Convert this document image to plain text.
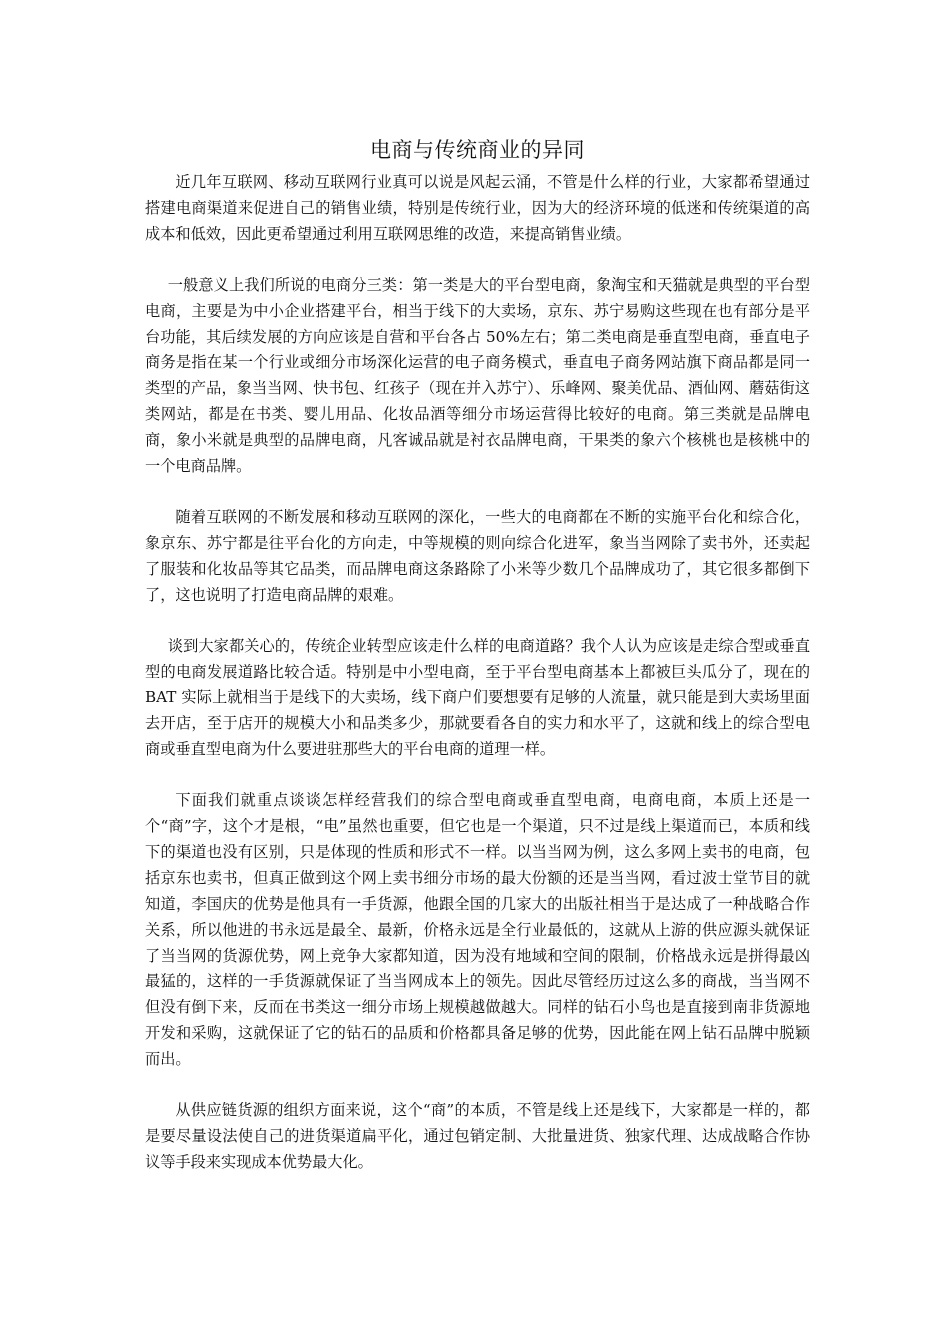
电商与传统商业的异同

近几年互联网、移动互联网行业真可以说是风起云涌，不管是什么样的行业，大家都希望通过搭建电商渠道来促进自己的销售业绩，特别是传统行业，因为大的经济环境的低迷和传统渠道的高成本和低效，因此更希望通过利用互联网思维的改造，来提高销售业绩。

一般意义上我们所说的电商分三类：第一类是大的平台型电商，象淘宝和天猫就是典型的平台型电商，主要是为中小企业搭建平台，相当于线下的大卖场，京东、苏宁易购这些现在也有部分是平台功能，其后续发展的方向应该是自营和平台各占 50%左右；第二类电商是垂直型电商，垂直电子商务是指在某一个行业或细分市场深化运营的电子商务模式，垂直电子商务网站旗下商品都是同一类型的产品，象当当网、快书包、红孩子（现在并入苏宁）、乐峰网、聚美优品、酒仙网、蘑菇街这类网站，都是在书类、婴儿用品、化妆品酒等细分市场运营得比较好的电商。第三类就是品牌电商，象小米就是典型的品牌电商，凡客诚品就是衬衣品牌电商，干果类的象六个核桃也是核桃中的一个电商品牌。

随着互联网的不断发展和移动互联网的深化，一些大的电商都在不断的实施平台化和综合化，象京东、苏宁都是往平台化的方向走，中等规模的则向综合化进军，象当当网除了卖书外，还卖起了服装和化妆品等其它品类，而品牌电商这条路除了小米等少数几个品牌成功了，其它很多都倒下了，这也说明了打造电商品牌的艰难。

谈到大家都关心的，传统企业转型应该走什么样的电商道路？我个人认为应该是走综合型或垂直型的电商发展道路比较合适。特别是中小型电商，至于平台型电商基本上都被巨头瓜分了，现在的 BAT 实际上就相当于是线下的大卖场，线下商户们要想要有足够的人流量，就只能是到大卖场里面去开店，至于店开的规模大小和品类多少，那就要看各自的实力和水平了，这就和线上的综合型电商或垂直型电商为什么要进驻那些大的平台电商的道理一样。

下面我们就重点谈谈怎样经营我们的综合型电商或垂直型电商，电商电商，本质上还是一个“商”字，这个才是根，“电”虽然也重要，但它也是一个渠道，只不过是线上渠道而已，本质和线下的渠道也没有区别，只是体现的性质和形式不一样。以当当网为例，这么多网上卖书的电商，包括京东也卖书，但真正做到这个网上卖书细分市场的最大份额的还是当当网，看过波士堂节目的就知道，李国庆的优势是他具有一手货源，他跟全国的几家大的出版社相当于是达成了一种战略合作关系，所以他进的书永远是最全、最新，价格永远是全行业最低的，这就从上游的供应源头就保证了当当网的货源优势，网上竞争大家都知道，因为没有地域和空间的限制，价格战永远是拼得最凶最猛的，这样的一手货源就保证了当当网成本上的领先。因此尽管经历过这么多的商战，当当网不但没有倒下来，反而在书类这一细分市场上规模越做越大。同样的钻石小鸟也是直接到南非货源地开发和采购，这就保证了它的钻石的品质和价格都具备足够的优势，因此能在网上钻石品牌中脱颖而出。

从供应链货源的组织方面来说，这个“商”的本质，不管是线上还是线下，大家都是一样的，都是要尽量设法使自己的进货渠道扁平化，通过包销定制、大批量进货、独家代理、达成战略合作协议等手段来实现成本优势最大化。
